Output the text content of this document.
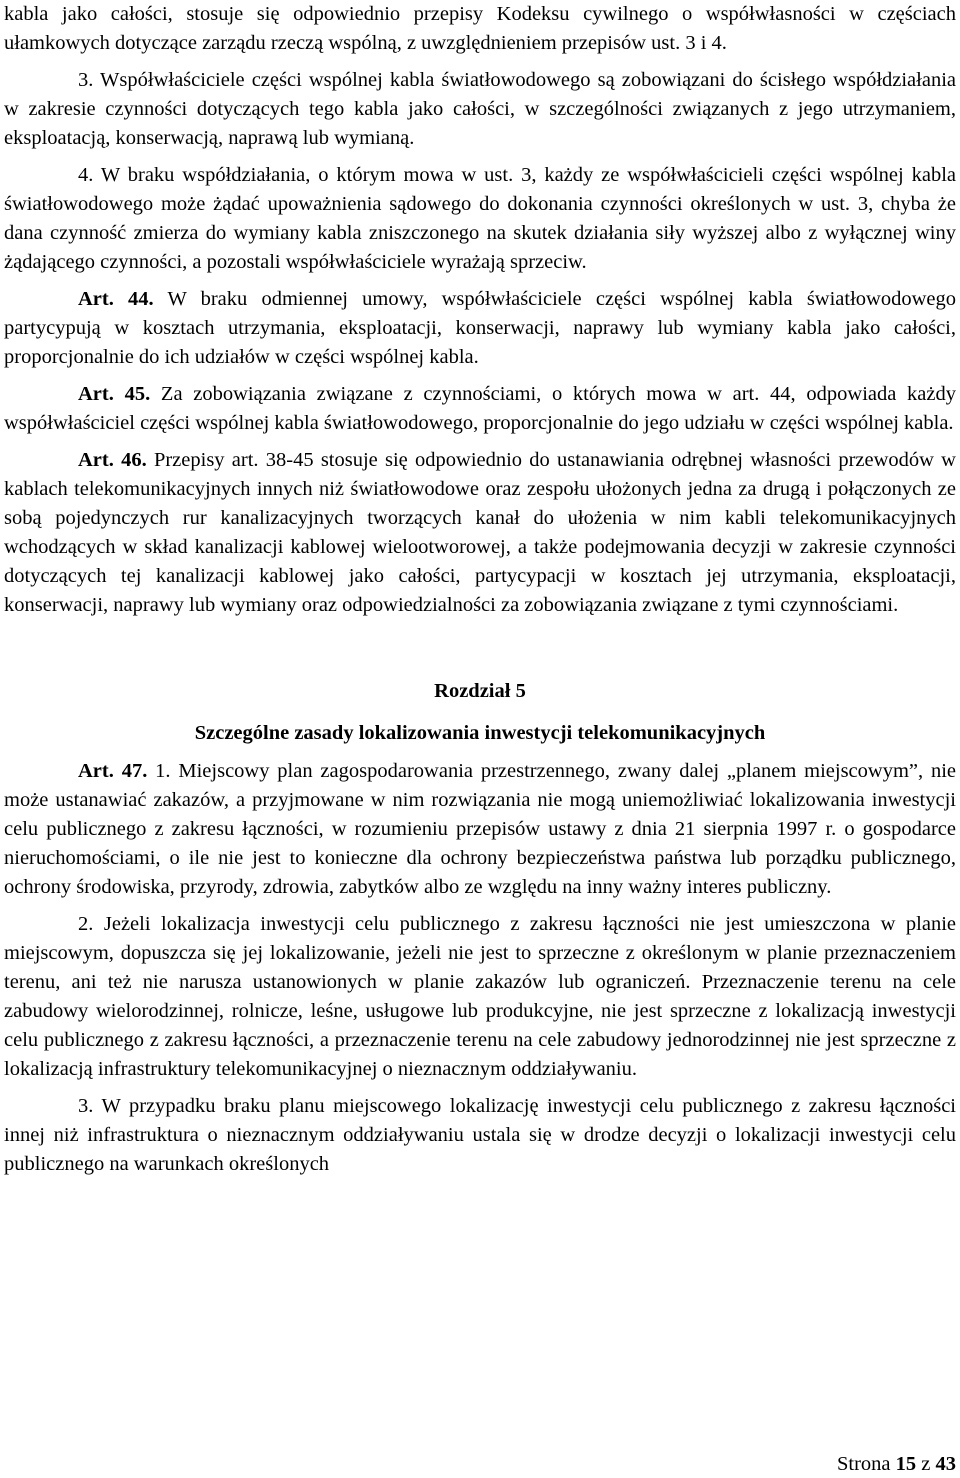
kabla jako całości, stosuje się odpowiednio przepisy Kodeksu cywilnego o współwłasności w częściach ułamkowych dotyczące zarządu rzeczą wspólną, z uwzględnieniem przepisów ust. 3 i 4.

3. Współwłaściciele części wspólnej kabla światłowodowego są zobowiązani do ścisłego współdziałania w zakresie czynności dotyczących tego kabla jako całości, w szczególności związanych z jego utrzymaniem, eksploatacją, konserwacją, naprawą lub wymianą.

4. W braku współdziałania, o którym mowa w ust. 3, każdy ze współwłaścicieli części wspólnej kabla światłowodowego może żądać upoważnienia sądowego do dokonania czynności określonych w ust. 3, chyba że dana czynność zmierza do wymiany kabla zniszczonego na skutek działania siły wyższej albo z wyłącznej winy żądającego czynności, a pozostali współwłaściciele wyrażają sprzeciw.

Art. 44. W braku odmiennej umowy, współwłaściciele części wspólnej kabla światłowodowego partycypują w kosztach utrzymania, eksploatacji, konserwacji, naprawy lub wymiany kabla jako całości, proporcjonalnie do ich udziałów w części wspólnej kabla.

Art. 45. Za zobowiązania związane z czynnościami, o których mowa w art. 44, odpowiada każdy współwłaściciel części wspólnej kabla światłowodowego, proporcjonalnie do jego udziału w części wspólnej kabla.

Art. 46. Przepisy art. 38-45 stosuje się odpowiednio do ustanawiania odrębnej własności przewodów w kablach telekomunikacyjnych innych niż światłowodowe oraz zespołu ułożonych jedna za drugą i połączonych ze sobą pojedynczych rur kanalizacyjnych tworzących kanał do ułożenia w nim kabli telekomunikacyjnych wchodzących w skład kanalizacji kablowej wielootworowej, a także podejmowania decyzji w zakresie czynności dotyczących tej kanalizacji kablowej jako całości, partycypacji w kosztach jej utrzymania, eksploatacji, konserwacji, naprawy lub wymiany oraz odpowiedzialności za zobowiązania związane z tymi czynnościami.

Rozdział 5

Szczególne zasady lokalizowania inwestycji telekomunikacyjnych

Art. 47. 1. Miejscowy plan zagospodarowania przestrzennego, zwany dalej „planem miejscowym”, nie może ustanawiać zakazów, a przyjmowane w nim rozwiązania nie mogą uniemożliwiać lokalizowania inwestycji celu publicznego z zakresu łączności, w rozumieniu przepisów ustawy z dnia 21 sierpnia 1997 r. o gospodarce nieruchomościami, o ile nie jest to konieczne dla ochrony bezpieczeństwa państwa lub porządku publicznego, ochrony środowiska, przyrody, zdrowia, zabytków albo ze względu na inny ważny interes publiczny.

2. Jeżeli lokalizacja inwestycji celu publicznego z zakresu łączności nie jest umieszczona w planie miejscowym, dopuszcza się jej lokalizowanie, jeżeli nie jest to sprzeczne z określonym w planie przeznaczeniem terenu, ani też nie narusza ustanowionych w planie zakazów lub ograniczeń. Przeznaczenie terenu na cele zabudowy wielorodzinnej, rolnicze, leśne, usługowe lub produkcyjne, nie jest sprzeczne z lokalizacją inwestycji celu publicznego z zakresu łączności, a przeznaczenie terenu na cele zabudowy jednorodzinnej nie jest sprzeczne z lokalizacją infrastruktury telekomunikacyjnej o nieznacznym oddziaływaniu.

3. W przypadku braku planu miejscowego lokalizację inwestycji celu publicznego z zakresu łączności innej niż infrastruktura o nieznacznym oddziaływaniu ustala się w drodze decyzji o lokalizacji inwestycji celu publicznego na warunkach określonych

Strona 15 z 43
